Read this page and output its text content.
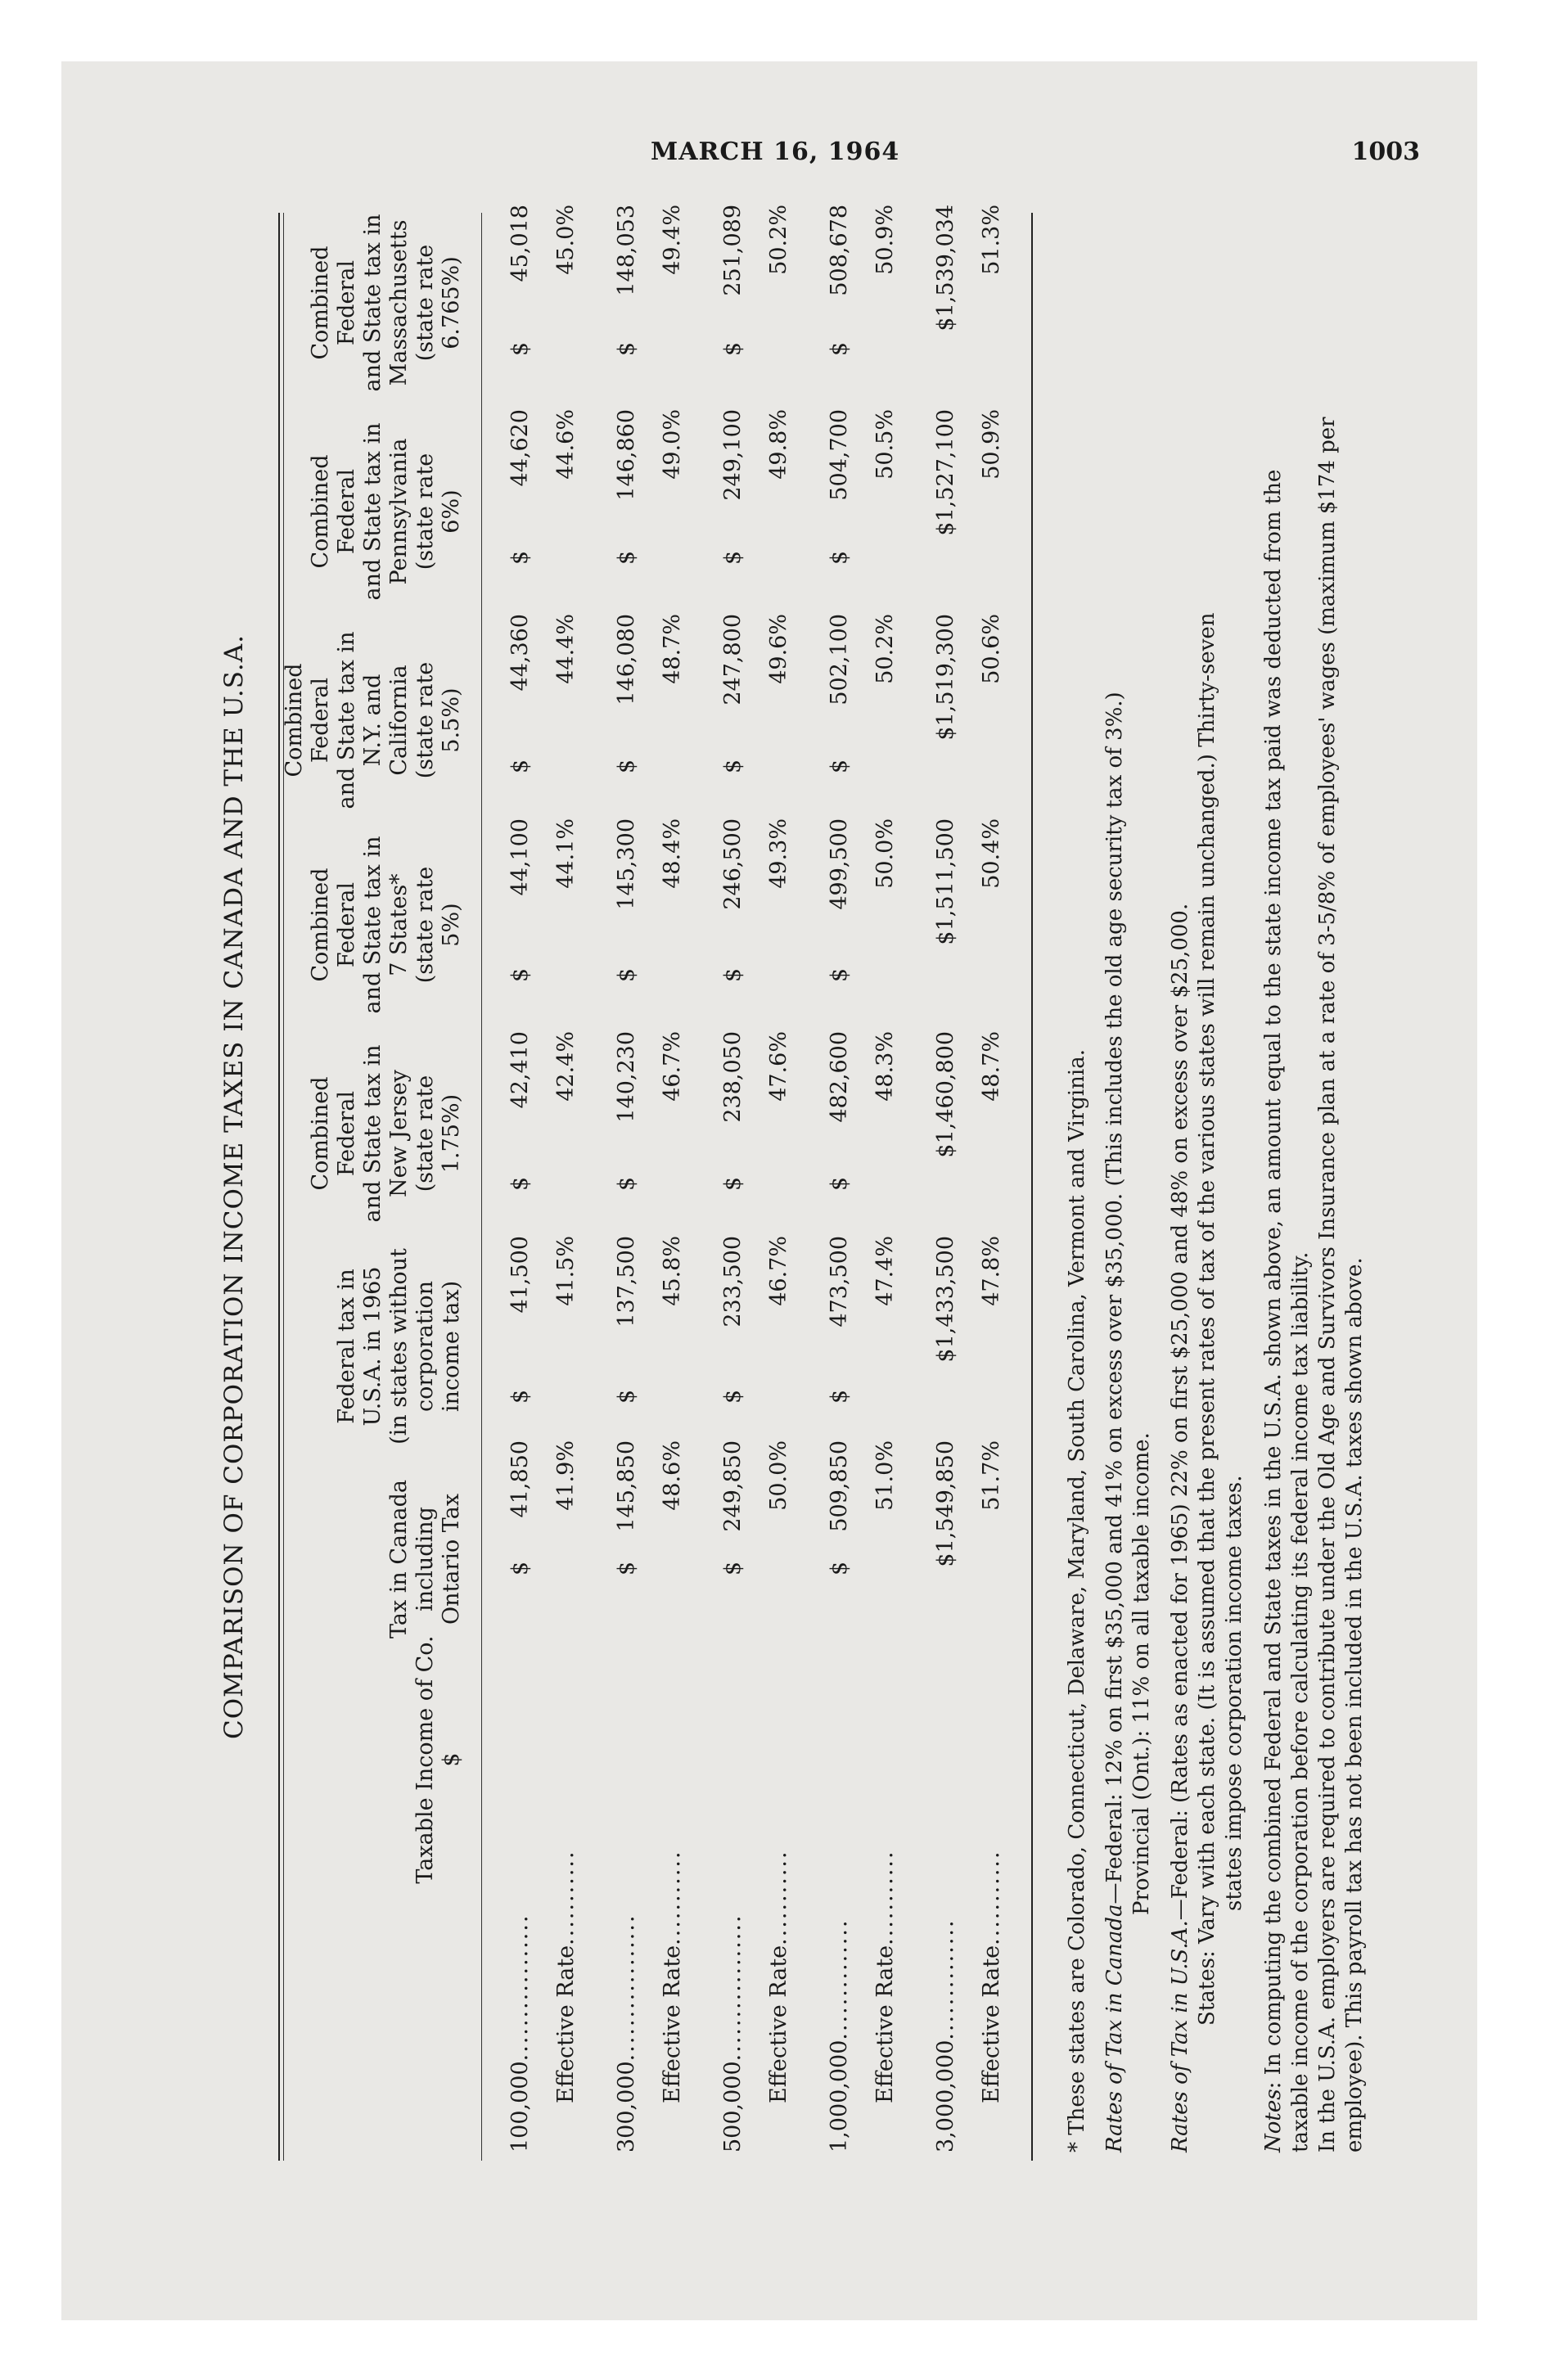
MARCH 16, 1964	1003
COMPARISON OF CORPORATION INCOME TAXES IN CANADA AND THE U.S.A.
Taxable Income of Co. $
Tax in Canada including Ontario Tax
Federal tax in U.S.A. in 1965 (in states without corporation income tax)
Combined Federal and State tax in New Jersey (state rate 1.75%)
Combined Federal and State tax in 7 States* (state rate 5%)
Combined Federal and State tax in N.Y. and California (state rate 5.5%)
Combined Federal and State tax in Pennsylvania (state rate 6%)
Combined Federal and State tax in Massachusetts (state rate 6.765%)
100,000.................
$
41,850
$
41,500
$
42,410
$
44,100
$
44,360
$
44,620
$
45,018
Effective Rate...........
41.9%
41.5%
42.4%
44.1%
44.4%
44.6%
45.0%
300,000.................
$
145,850
$
137,500
$
140,230
$
145,300
$
146,080
$
146,860
$
148,053
Effective Rate...........
48.6%
45.8%
46.7%
48.4%
48.7%
49.0%
49.4%
500,000.................
$
249,850
$
233,500
$
238,050
$
246,500
$
247,800
$
249,100
$
251,089
Effective Rate...........
50.0%
46.7%
47.6%
49.3%
49.6%
49.8%
50.2%
1,000,000..............
$
509,850
$
473,500
$
482,600
$
499,500
$
502,100
$
504,700
$
508,678
Effective Rate...........
51.0%
47.4%
48.3%
50.0%
50.2%
50.5%
50.9%
3,000,000..............
$1,549,850
$1,433,500
$1,460,800
$1,511,500
$1,519,300
$1,527,100
$1,539,034
Effective Rate...........
51.7%
47.8%
48.7%
50.4%
50.6%
50.9%
51.3%
* These states are Colorado, Connecticut, Delaware, Maryland, South Carolina, Vermont and Virginia. Rates of Tax in Canada—Federal: 12% on first $35,000 and 41% on excess over $35,000. (This includes the old age security tax of 3%.) Provincial (Ont.): 11% on all taxable income.
Rates of Tax in U.S.A.—Federal: (Rates as enacted for 1965) 22% on first $25,000 and 48% on excess over $25,000. States: Vary with each state. (It is assumed that the present rates of tax of the various states will remain unchanged.) Thirty-seven states impose corporation income taxes.
Notes: In computing the combined Federal and State taxes in the U.S.A. shown above, an amount equal to the state income tax paid was deducted from the taxable income of the corporation before calculating its federal income tax liability. In the U.S.A. employers are required to contribute under the Old Age and Survivors Insurance plan at a rate of 3-5/8% of employees' wages (maximum $174 per employee). This payroll tax has not been included in the U.S.A. taxes shown above.
